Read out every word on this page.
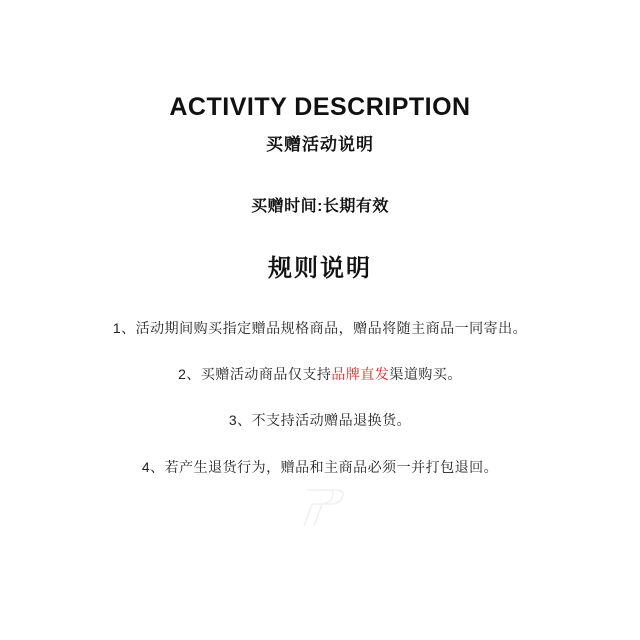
ACTIVITY DESCRIPTION
买赠活动说明
买赠时间:长期有效
规则说明
1、活动期间购买指定赠品规格商品，赠品将随主商品一同寄出。
2、买赠活动商品仅支持品牌直发渠道购买。
3、不支持活动赠品退换货。
4、若产生退货行为，赠品和主商品必须一并打包退回。
